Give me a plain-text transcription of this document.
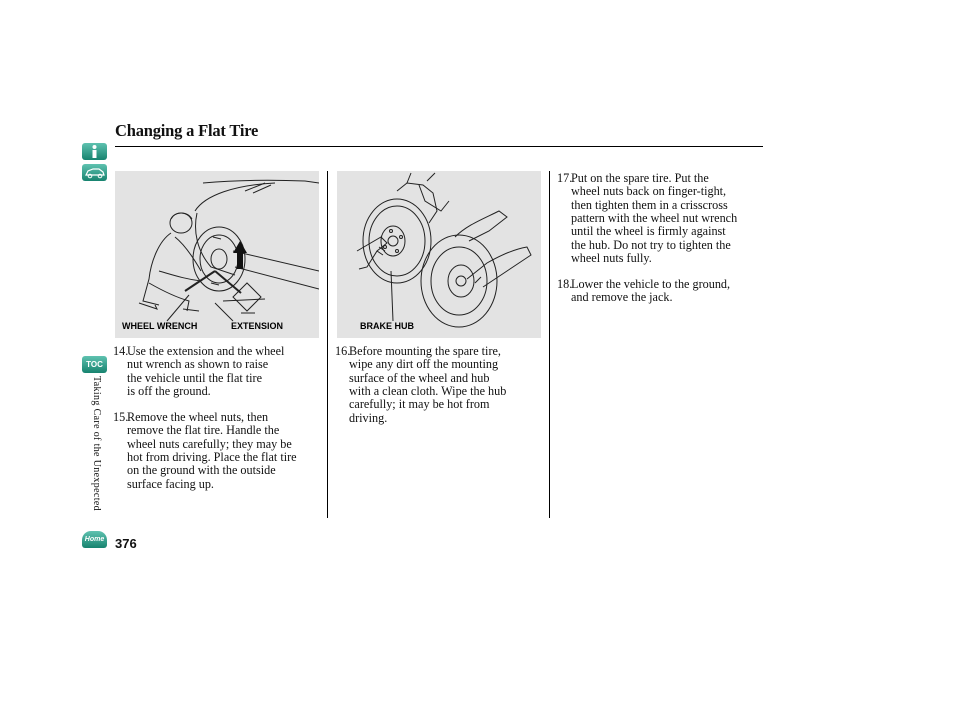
Changing a Flat Tire
TOC
Taking Care of the Unexpected
Home 376
WHEEL WRENCH	EXTENSION	BRAKE HUB
14.
Use the extension and the wheel
nut wrench as shown to raise
the vehicle until the flat tire
is off the ground.
15.
Remove the wheel nuts, then
remove the flat tire. Handle the
wheel nuts carefully; they may be
hot from driving. Place the flat tire
on the ground with the outside
surface facing up.
16.
Before mounting the spare tire,
wipe any dirt off the mounting
surface of the wheel and hub
with a clean cloth. Wipe the hub
carefully; it may be hot from
driving.
17.
Put on the spare tire. Put the
wheel nuts back on finger-tight,
then tighten them in a crisscross
pattern with the wheel nut wrench
until the wheel is firmly against
the hub. Do not try to tighten the
wheel nuts fully.
18.
Lower the vehicle to the ground,
and remove the jack.
